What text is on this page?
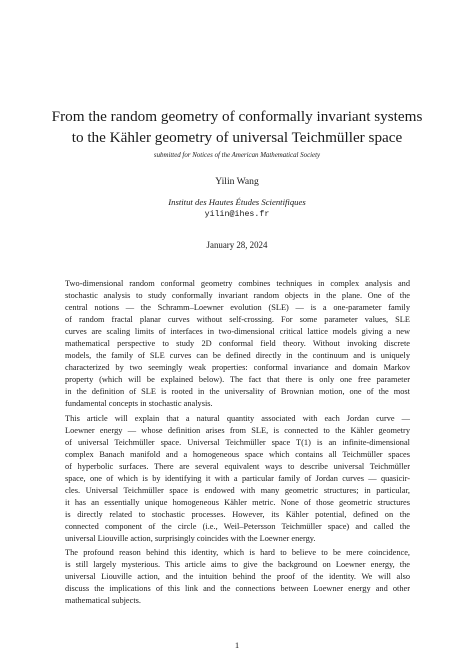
From the random geometry of conformally invariant systems
to the Kähler geometry of universal Teichmüller space
submitted for Notices of the American Mathematical Society
Yilin Wang
Institut des Hautes Études Scientifiques
yilin@ihes.fr
January 28, 2024
Two-dimensional random conformal geometry combines techniques in complex analysis and
stochastic analysis to study conformally invariant random objects in the plane. One of the
central notions — the Schramm–Loewner evolution (SLE) — is a one-parameter family
of random fractal planar curves without self-crossing. For some parameter values, SLE
curves are scaling limits of interfaces in two-dimensional critical lattice models giving a new
mathematical perspective to study 2D conformal field theory. Without invoking discrete
models, the family of SLE curves can be defined directly in the continuum and is uniquely
characterized by two seemingly weak properties: conformal invariance and domain Markov
property (which will be explained below). The fact that there is only one free parameter
in the definition of SLE is rooted in the universality of Brownian motion, one of the most
fundamental concepts in stochastic analysis.
This article will explain that a natural quantity associated with each Jordan curve —
Loewner energy — whose definition arises from SLE, is connected to the Kähler geometry
of universal Teichmüller space. Universal Teichmüller space T(1) is an infinite-dimensional
complex Banach manifold and a homogeneous space which contains all Teichmüller spaces
of hyperbolic surfaces. There are several equivalent ways to describe universal Teichmüller
space, one of which is by identifying it with a particular family of Jordan curves — quasicir-
cles. Universal Teichmüller space is endowed with many geometric structures; in particular,
it has an essentially unique homogeneous Kähler metric. None of those geometric structures
is directly related to stochastic processes. However, its Kähler potential, defined on the
connected component of the circle (i.e., Weil–Petersson Teichmüller space) and called the
universal Liouville action, surprisingly coincides with the Loewner energy.
The profound reason behind this identity, which is hard to believe to be mere coincidence,
is still largely mysterious. This article aims to give the background on Loewner energy, the
universal Liouville action, and the intuition behind the proof of the identity. We will also
discuss the implications of this link and the connections between Loewner energy and other
mathematical subjects.
1
